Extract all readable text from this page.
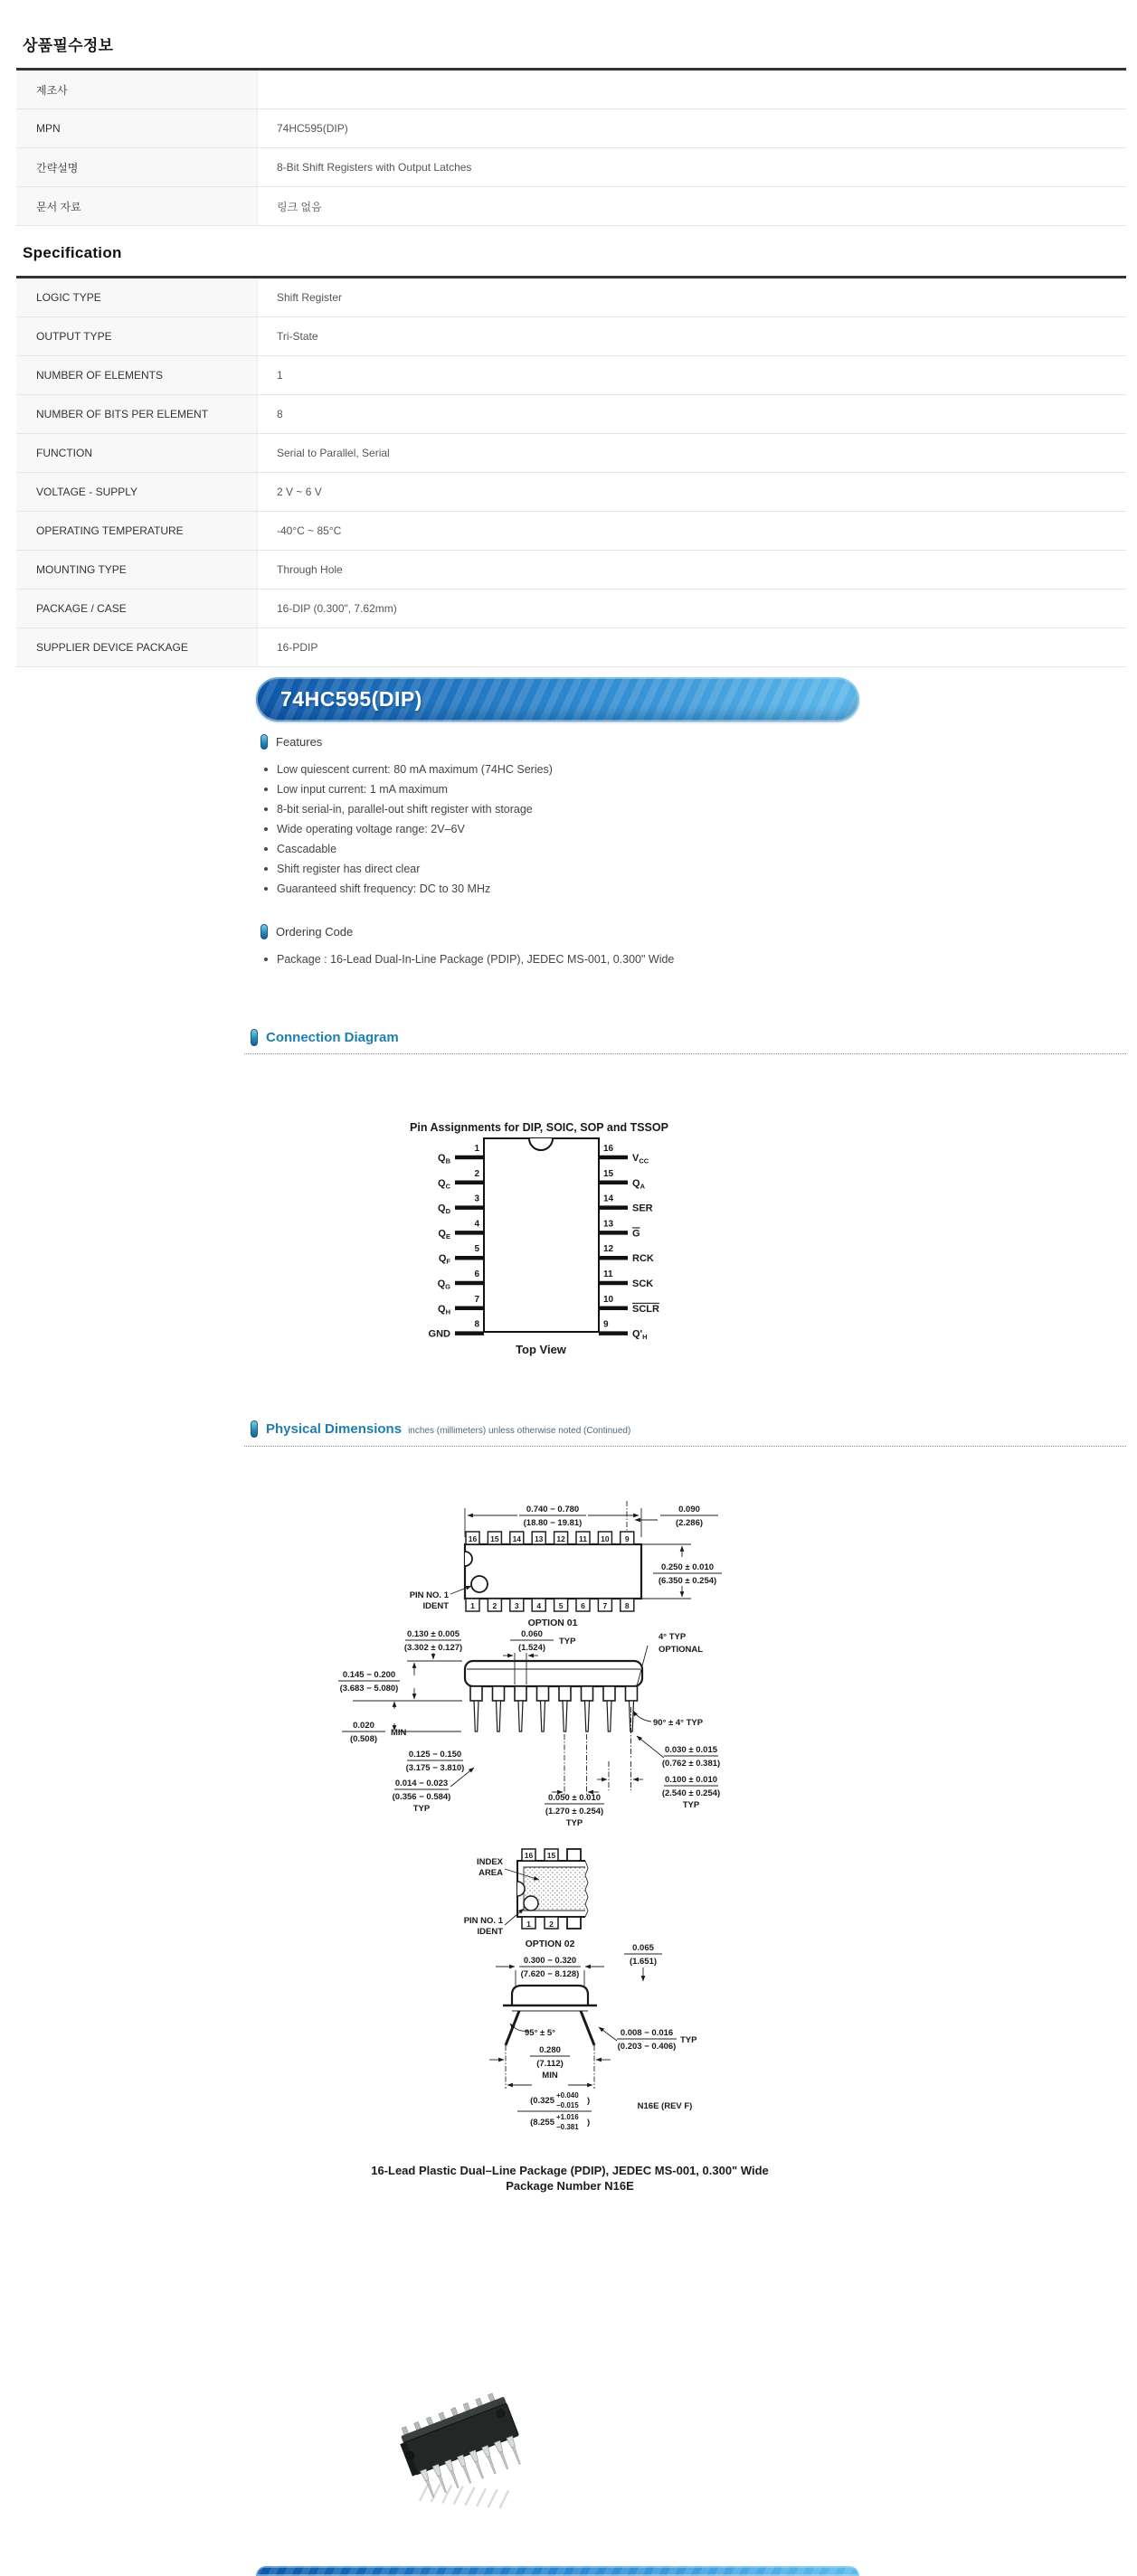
상품필수정보
제조사
MPN	74HC595(DIP)
간략설명	8-Bit Shift Registers with Output Latches
문서 자료	링크 없음
Specification
LOGIC TYPE	Shift Register
OUTPUT TYPE	Tri-State
NUMBER OF ELEMENTS	1
NUMBER OF BITS PER ELEMENT	8
FUNCTION	Serial to Parallel, Serial
VOLTAGE - SUPPLY	2 V ~ 6 V
OPERATING TEMPERATURE	-40°C ~ 85°C
MOUNTING TYPE	Through Hole
PACKAGE / CASE	16-DIP (0.300", 7.62mm)
SUPPLIER DEVICE PACKAGE	16-PDIP
74HC595(DIP)
Features
Low quiescent current: 80 mA maximum (74HC Series)
Low input current: 1 mA maximum
8-bit serial-in, parallel-out shift register with storage
Wide operating voltage range: 2V–6V
Cascadable
Shift register has direct clear
Guaranteed shift frequency: DC to 30 MHz
Ordering Code
Package : 16-Lead Dual-In-Line Package (PDIP), JEDEC MS-001, 0.300" Wide
Connection Diagram
Pin Assignments for DIP, SOIC, SOP and TSSOP
1
$Q_B$
2
$Q_C$
3
$Q_D$
4
$Q_E$
5
$Q_F$
6
$Q_G$
7
$Q_H$
8
GND
16
$V_{CC}$
15
$Q_A$
14
SER
13
G
12
RCK
11
SCK
10
SCLR
9
$Q'_H$
Top View
Physical Dimensions inches (millimeters) unless otherwise noted (Continued)
0.740 − 0.780
(18.80 − 19.81)
0.090
(2.286)
16 15 14 13 12 11 10 9
1 2 3 4 5 6 7 8
0.250 ± 0.010
(6.350 ± 0.254)
PIN NO. 1
IDENT
OPTION 01
0.130 ± 0.005
(3.302 ± 0.127)
0.060
(1.524)
TYP	4° TYP
OPTIONAL
0.145 − 0.200
(3.683 − 5.080)
0.020
(0.508)
MIN
0.125 − 0.150
(3.175 − 3.810)
0.014 − 0.023
(0.356 − 0.584)
TYP
0.050 ± 0.010
(1.270 ± 0.254)
TYP
90° ± 4° TYP
0.030 ± 0.015
(0.762 ± 0.381)
0.100 ± 0.010
(2.540 ± 0.254)
TYP
16 15
1 2
INDEX
AREA
PIN NO. 1
IDENT
OPTION 02	0.065
(1.651)
0.300 − 0.320
(7.620 − 8.128)
95° ± 5°
0.280
(7.112)
MIN
(0.325
+0.040
−0.015 )
(8.255
+1.016
−0.381 )
0.008 − 0.016
(0.203 − 0.406)
TYP
N16E (REV F)
16-Lead Plastic Dual–Line Package (PDIP), JEDEC MS-001, 0.300" Wide
Package Number N16E
